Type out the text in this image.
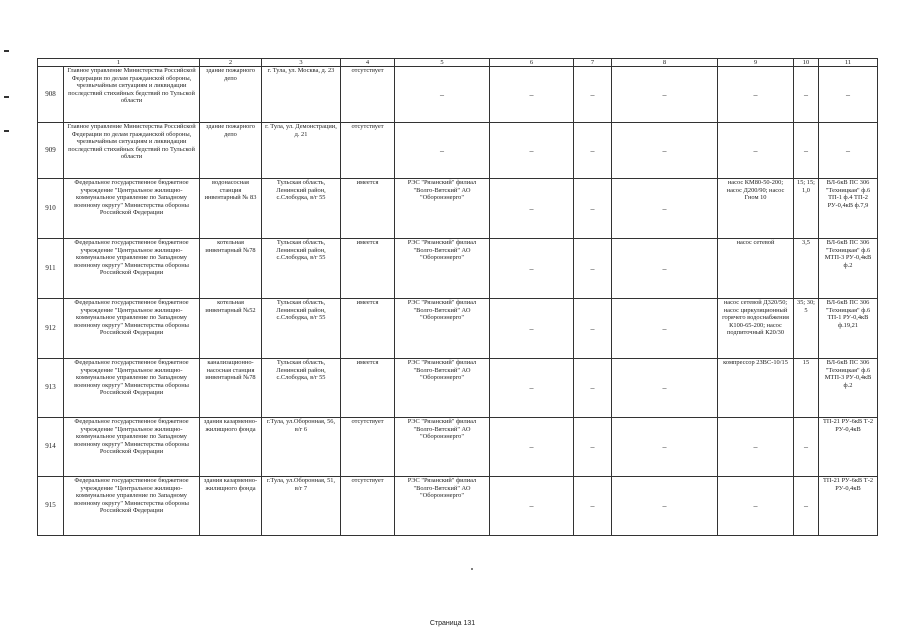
1		2	3	4	5	6	7	8	9	10	11
908	Главное управление Министерства Российской Федерации по делам гражданской обороны, чрезвычайным ситуациям и ликвидации последствий стихийных бедствий по Тульской области	здание пожарного депо	г. Тула, ул. Москва, д. 23	отсутствует	–	–	–	–	–	–	–
909	Главное управление Министерства Российской Федерации по делам гражданской обороны, чрезвычайным ситуациям и ликвидации последствий стихийных бедствий по Тульской области	здание пожарного депо	г. Тула, ул. Демонстрации, д. 21	отсутствует	–	–	–	–	–	–	–
910	Федеральное государственное бюджетное учреждение "Центральное жилищно-коммунальное управление по Западному военному округу" Министерства обороны Российской Федерации	водонасосная станция инвентарный № 83	Тульская область, Ленинский район, с.Слободка, в/г 55	имеется	РЭС "Рязанский" филиал "Волго-Вятский" АО "Оборонэнерго"	–	–	–	насос КМ80-50-200; насос Д200/90; насос Гном 10	15; 15; 1,0	ВЛ-6кВ ПС 306 "Техницкая" ф.6 ТП-1 ф.4 ТП-2 РУ-0,4кВ ф.7,9
911	Федеральное государственное бюджетное учреждение "Центральное жилищно-коммунальное управление по Западному военному округу" Министерства обороны Российской Федерации	котельная инвентарный №78	Тульская область, Ленинский район, с.Слободка, в/г 55	имеется	РЭС "Рязанский" филиал "Волго-Вятский" АО "Оборонэнерго"	–	–	–	насос сетевой	3,5	ВЛ-6кВ ПС 306 "Техницкая" ф.6 МТП-3 РУ-0,4кВ ф.2
912	Федеральное государственное бюджетное учреждение "Центральное жилищно-коммунальное управление по Западному военному округу" Министерства обороны Российской Федерации	котельная инвентарный №52	Тульская область, Ленинский район, с.Слободка, в/г 55	имеется	РЭС "Рязанский" филиал "Волго-Вятский" АО "Оборонэнерго"	–	–	–	насос сетевой Д320/50; насос циркуляционный горячего водоснабжения К100-65-200; насос подпиточный К20/30	35; 30; 5	ВЛ-6кВ ПС 306 "Техницкая" ф.6 ТП-1 РУ-0,4кВ ф.19,21
913	Федеральное государственное бюджетное учреждение "Центральное жилищно-коммунальное управление по Западному военному округу" Министерства обороны Российской Федерации	канализационно-насосная станция инвентарный №78	Тульская область, Ленинский район, с.Слободка, в/г 55	имеется	РЭС "Рязанский" филиал "Волго-Вятский" АО "Оборонэнерго"	–	–	–	компрессор 2ЗВС-10/15	15	ВЛ-6кВ ПС 306 "Техницкая" ф.6 МТП-3 РУ-0,4кВ ф.2
914	Федеральное государственное бюджетное учреждение "Центральное жилищно-коммунальное управление по Западному военному округу" Министерства обороны Российской Федерации	здания казарменно-жилищного фонда	г.Тула, ул.Оборонная, 56, в/г 6	отсутствует	РЭС "Рязанский" филиал "Волго-Вятский" АО "Оборонэнерго"	–	–	–	–	–	ТП-21 РУ-6кВ Т-2 РУ-0,4кВ
915	Федеральное государственное бюджетное учреждение "Центральное жилищно-коммунальное управление по Западному военному округу" Министерства обороны Российской Федерации	здания казарменно-жилищного фонда	г.Тула, ул.Оборонная, 51, в/г 7	отсутствует	РЭС "Рязанский" филиал "Волго-Вятский" АО "Оборонэнерго"	–	–	–	–	–	ТП-21 РУ-6кВ Т-2 РУ-0,4кВ
Страница 131
